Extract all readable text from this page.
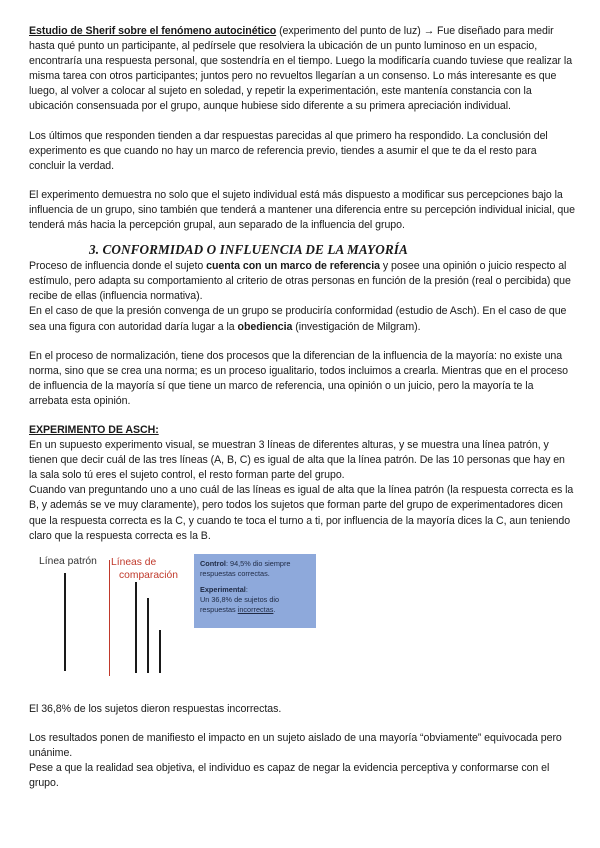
Estudio de Sherif sobre el fenómeno autocinético (experimento del punto de luz) → Fue diseñado para medir hasta qué punto un participante, al pedírsele que resolviera la ubicación de un punto luminoso en un espacio, encontraría una respuesta personal, que sostendría en el tiempo. Luego la modificaría cuando tuviese que realizar la misma tarea con otros participantes; juntos pero no revueltos llegarían a un consenso. Lo más interesante es que luego, al volver a colocar al sujeto en soledad, y repetir la experimentación, este mantenía constancia con la ubicación consensuada por el grupo, aunque hubiese sido diferente a su primera apreciación individual.

Los últimos que responden tienden a dar respuestas parecidas al que primero ha respondido. La conclusión del experimento es que cuando no hay un marco de referencia previo, tiendes a asumir el que te da el resto para concluir la verdad.

El experimento demuestra no solo que el sujeto individual está más dispuesto a modificar sus percepciones bajo la influencia de un grupo, sino también que tenderá a mantener una diferencia entre su percepción individual inicial, que tenderá más hacia la percepción grupal, aun separado de la influencia del grupo.

3. CONFORMIDAD O INFLUENCIA DE LA MAYORÍA

Proceso de influencia donde el sujeto cuenta con un marco de referencia y posee una opinión o juicio respecto al estímulo, pero adapta su comportamiento al criterio de otras personas en función de la presión (real o percibida) que recibe de ellas (influencia normativa).

En el caso de que la presión convenga de un grupo se produciría conformidad (estudio de Asch). En el caso de que sea una figura con autoridad daría lugar a la obediencia (investigación de Milgram).

En el proceso de normalización, tiene dos procesos que la diferencian de la influencia de la mayoría: no existe una norma, sino que se crea una norma; es un proceso igualitario, todos incluimos a crearla. Mientras que en el proceso de influencia de la mayoría sí que tiene un marco de referencia, una opinión o un juicio, pero la mayoría te la arrebata esta opinión.

EXPERIMENTO DE ASCH:

En un supuesto experimento visual, se muestran 3 líneas de diferentes alturas, y se muestra una línea patrón, y tienen que decir cuál de las tres líneas (A, B, C) es igual de alta que la línea patrón. De las 10 personas que hay en la sala solo tú eres el sujeto control, el resto forman parte del grupo.

Cuando van preguntando uno a uno cuál de las líneas es igual de alta que la línea patrón (la respuesta correcta es la B, y además se ve muy claramente), pero todos los sujetos que forman parte del grupo de experimentadores dicen que la respuesta correcta es la C, y cuando te toca el turno a ti, por influencia de la mayoría dices la C, aun teniendo claro que la respuesta correcta es la B.

Línea patrón Líneas de
comparación
Control: 94,5% dio siempre respuestas correctas.
Experimental:
Un 36,8% de sujetos dio respuestas incorrectas.

El 36,8% de los sujetos dieron respuestas incorrectas.

Los resultados ponen de manifiesto el impacto en un sujeto aislado de una mayoría “obviamente” equivocada pero unánime.

Pese a que la realidad sea objetiva, el individuo es capaz de negar la evidencia perceptiva y conformarse con el grupo.
